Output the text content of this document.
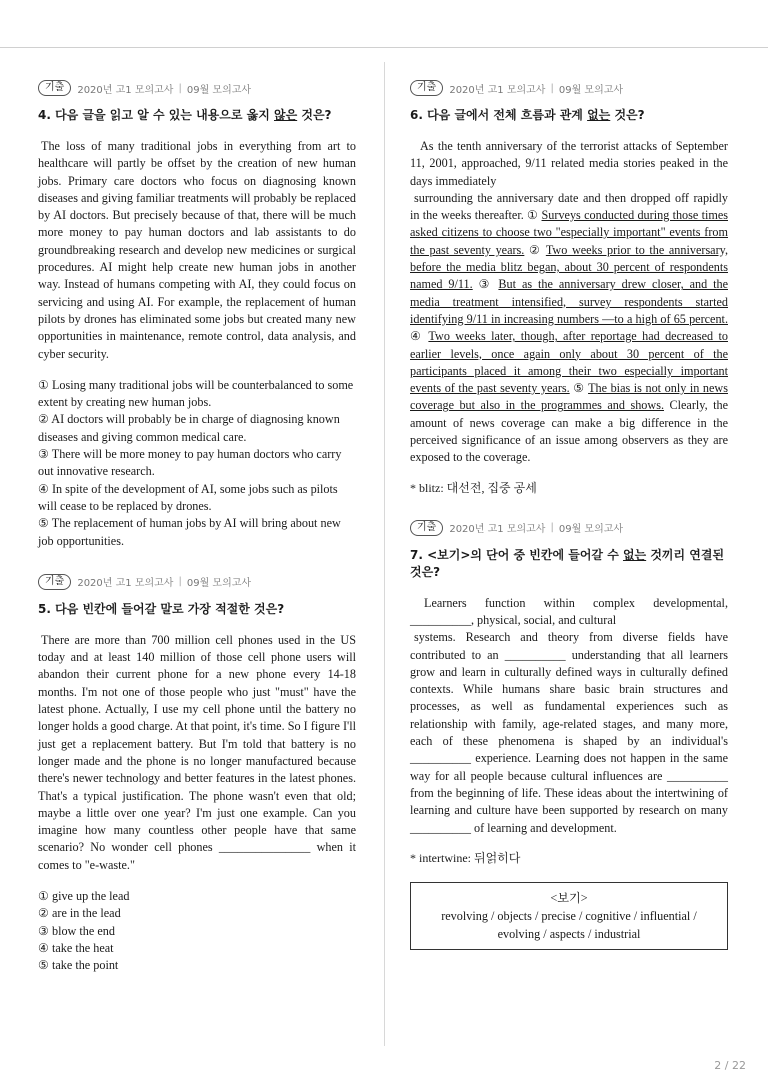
기출	2020년 고1 모의고사 | 09월 모의고사
4. 다음 글을 읽고 알 수 있는 내용으로 옳지 않은 것은?

The loss of many traditional jobs in everything from art to healthcare will partly be offset by the creation of new human jobs. Primary care doctors who focus on diagnosing known diseases and giving familiar treatments will probably be replaced by AI doctors. But precisely because of that, there will be much more money to pay human doctors and lab assistants to do groundbreaking research and develop new medicines or surgical procedures. AI might help create new human jobs in another way. Instead of humans competing with AI, they could focus on servicing and using AI. For example, the replacement of human pilots by drones has eliminated some jobs but created many new opportunities in maintenance, remote control, data analysis, and cyber security.

① Losing many traditional jobs will be counterbalanced to some extent by creating new human jobs.

② AI doctors will probably be in charge of diagnosing known diseases and giving common medical care.

③ There will be more money to pay human doctors who carry out innovative research.

④ In spite of the development of AI, some jobs such as pilots will cease to be replaced by drones.

⑤ The replacement of human jobs by AI will bring about new job opportunities.

기출	2020년 고1 모의고사 | 09월 모의고사
5. 다음 빈칸에 들어갈 말로 가장 적절한 것은?

There are more than 700 million cell phones used in the US today and at least 140 million of those cell phone users will abandon their current phone for a new phone every 14-18 months. I'm not one of those people who just "must" have the latest phone. Actually, I use my cell phone until the battery no longer holds a good charge. At that point, it's time. So I figure I'll just get a replacement battery. But I'm told that battery is no longer made and the phone is no longer manufactured because there's newer technology and better features in the latest phones. That's a typical justification. The phone wasn't even that old; maybe a little over one year? I'm just one example. Can you imagine how many countless other people have that same scenario? No wonder cell phones _______________ when it comes to "e-waste."

① give up the lead

② are in the lead

③ blow the end

④ take the heat

⑤ take the point

기출	2020년 고1 모의고사 | 09월 모의고사
6. 다음 글에서 전체 흐름과 관계 없는 것은?

As the tenth anniversary of the terrorist attacks of September 11, 2001, approached, 9/11 related media stories peaked in the days immediately

surrounding the anniversary date and then dropped off rapidly in the weeks thereafter. ① Surveys conducted during those times asked citizens to choose two "especially important" events from the past seventy years. ② Two weeks prior to the anniversary, before the media blitz began, about 30 percent of respondents named 9/11. ③ But as the anniversary drew closer, and the media treatment intensified, survey respondents started identifying 9/11 in increasing numbers —to a high of 65 percent. ④ Two weeks later, though, after reportage had decreased to earlier levels, once again only about 30 percent of the participants placed it among their two especially important events of the past seventy years. ⑤ The bias is not only in news coverage but also in the programmes and shows. Clearly, the amount of news coverage can make a big difference in the perceived significance of an issue among observers as they are exposed to the coverage.

* blitz: 대선전, 집중 공세
기출	2020년 고1 모의고사 | 09월 모의고사
7. <보기>의 단어 중 빈칸에 들어갈 수 없는 것끼리 연결된 것은?

Learners function within complex developmental, __________, physical, social, and cultural

systems. Research and theory from diverse fields have contributed to an __________ understanding that all learners grow and learn in culturally defined ways in culturally defined contexts. While humans share basic brain structures and processes, as well as fundamental experiences such as relationship with family, age-related stages, and many more, each of these phenomena is shaped by an individual's __________ experience. Learning does not happen in the same way for all people because cultural influences are __________ from the beginning of life. These ideas about the intertwining of learning and culture have been supported by research on many __________ of learning and development.

* intertwine: 뒤얽히다
<보기>
revolving / objects / precise / cognitive / influential / evolving / aspects / industrial
2 / 22
